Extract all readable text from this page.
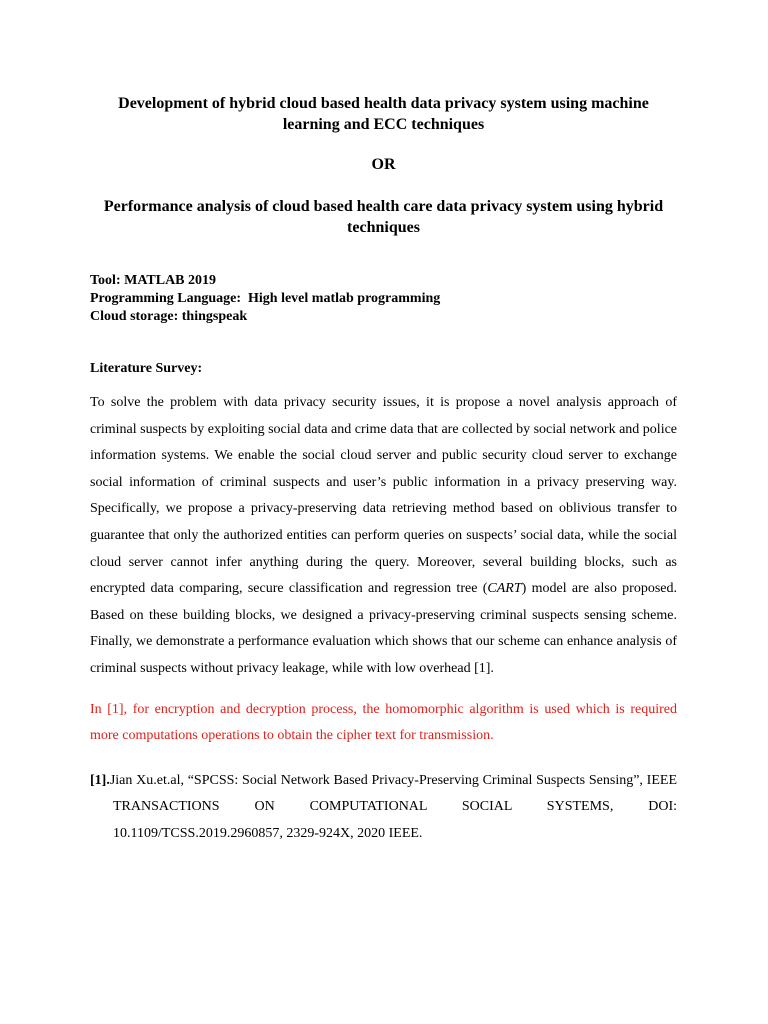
Development of hybrid cloud based health data privacy system using machine learning and ECC techniques

OR

Performance analysis of cloud based health care data privacy system using hybrid techniques

Tool: MATLAB 2019
Programming Language:  High level matlab programming
Cloud storage: thingspeak
Literature Survey:

To solve the problem with data privacy security issues, it is propose a novel analysis approach of criminal suspects by exploiting social data and crime data that are collected by social network and police information systems. We enable the social cloud server and public security cloud server to exchange social information of criminal suspects and user’s public information in a privacy preserving way. Specifically, we propose a privacy-preserving data retrieving method based on oblivious transfer to guarantee that only the authorized entities can perform queries on suspects’ social data, while the social cloud server cannot infer anything during the query. Moreover, several building blocks, such as encrypted data comparing, secure classification and regression tree (CART) model are also proposed. Based on these building blocks, we designed a privacy-preserving criminal suspects sensing scheme. Finally, we demonstrate a performance evaluation which shows that our scheme can enhance analysis of criminal suspects without privacy leakage, while with low overhead [1].

In [1], for encryption and decryption process, the homomorphic algorithm is used which is required more computations operations to obtain the cipher text for transmission.

[1].Jian Xu.et.al, “SPCSS: Social Network Based Privacy-Preserving Criminal Suspects Sensing”, IEEE TRANSACTIONS ON COMPUTATIONAL SOCIAL SYSTEMS, DOI: 10.1109/TCSS.2019.2960857, 2329-924X, 2020 IEEE.
